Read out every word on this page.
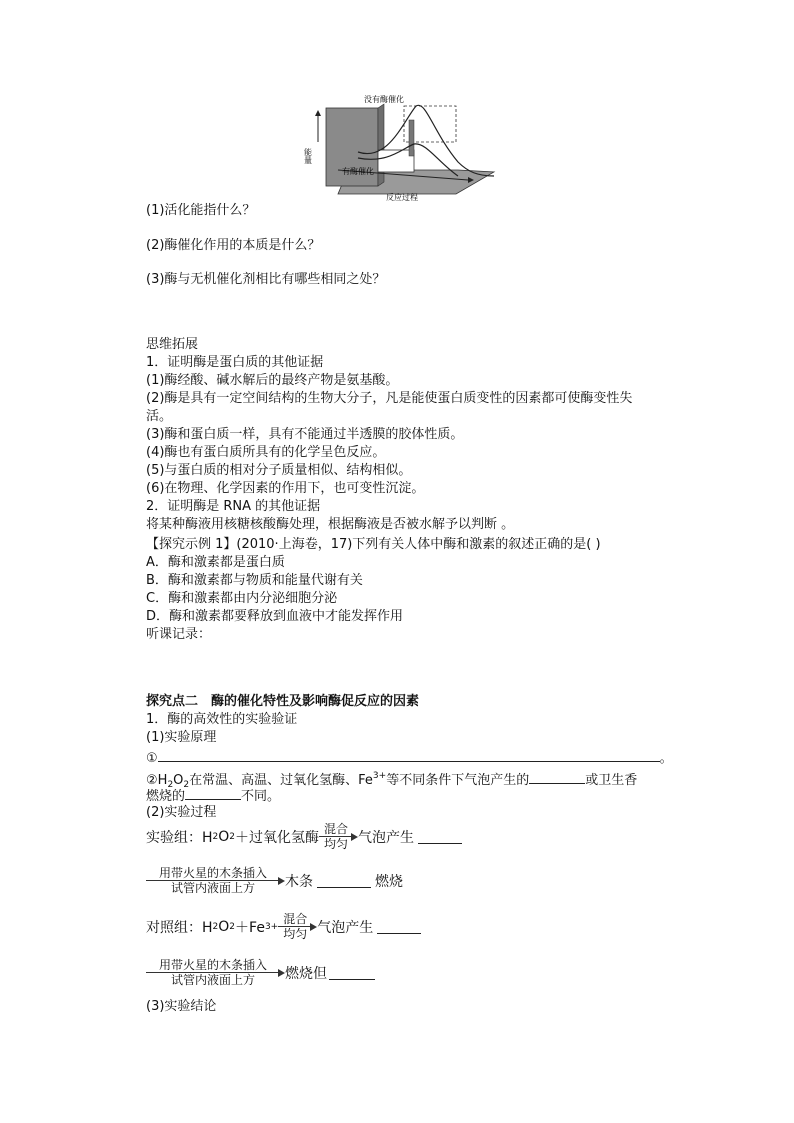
没有酶催化
有酶催化
反应过程
能量
(1)活化能指什么？
(2)酶催化作用的本质是什么？
(3)酶与无机催化剂相比有哪些相同之处？
思维拓展
1．证明酶是蛋白质的其他证据
(1)酶经酸、碱水解后的最终产物是氨基酸。
(2)酶是具有一定空间结构的生物大分子，凡是能使蛋白质变性的因素都可使酶变性失
活。
(3)酶和蛋白质一样，具有不能通过半透膜的胶体性质。
(4)酶也有蛋白质所具有的化学呈色反应。
(5)与蛋白质的相对分子质量相似、结构相似。
(6)在物理、化学因素的作用下，也可变性沉淀。
2．证明酶是 RNA 的其他证据
将某种酶液用核糖核酸酶处理，根据酶液是否被水解予以判断 。
【探究示例 1】(2010·上海卷，17)下列有关人体中酶和激素的叙述正确的是( )
A．酶和激素都是蛋白质
B．酶和激素都与物质和能量代谢有关
C．酶和激素都由内分泌细胞分泌
D．酶和激素都要释放到血液中才能发挥作用
听课记录：
探究点二　酶的催化特性及影响酶促反应的因素
1．酶的高效性的实验验证
(1)实验原理
①	。
$②H_2O_2$在常温、高温、过氧化氢酶、$Fe^{3+}$等不同条件下气泡产生的	或卫生香
燃烧的	不同。
(2)实验过程
实验组：H 2 O 2 ＋过氧化氢酶 $\frac{\text{混合}}{\text{均匀}}$ 气泡产生
$\frac{\text{用带火星的木条插入}}{\text{试管内液面上方}}$ 木条	燃烧
对照组：H 2 O 2 ＋Fe $3+ \frac{\text{混合}}{\text{均匀}}$ 气泡产生
$\frac{\text{用带火星的木条插入}}{\text{试管内液面上方}}$ 燃烧但
(3)实验结论
